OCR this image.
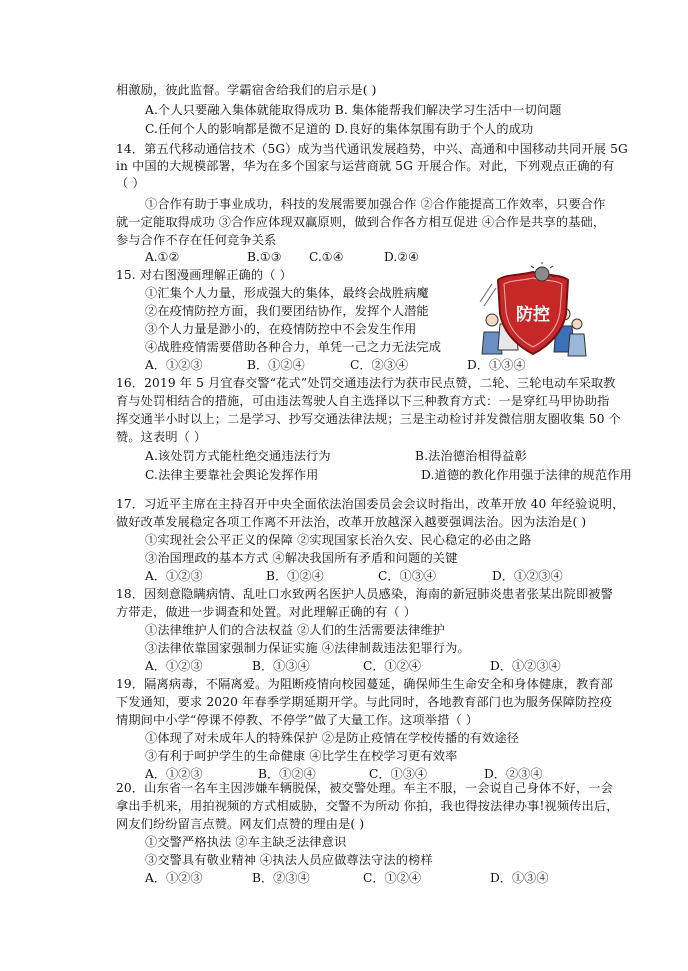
相激励，彼此监督。学霸宿舍给我们的启示是( )
A.个人只要融入集体就能取得成功 B. 集体能帮我们解决学习生活中一切问题
C.任何个人的影响都是微不足道的 D.良好的集体氛围有助于个人的成功
14．第五代移动通信技术（5G）成为当代通讯发展趋势，中兴、高通和中国移动共同开展 5G
in 中国的大规模部署，华为在多个国家与运营商就 5G 开展合作。对此，下列观点正确的有
（ ）
①合作有助于事业成功，科技的发展需要加强合作 ②合作能提高工作效率，只要合作
就一定能取得成功 ③合作应体现双赢原则，做到合作各方相互促进 ④合作是共享的基础，
参与合作不存在任何竞争关系
15. 对右图漫画理解正确的（ ）
①汇集个人力量，形成强大的集体，最终会战胜病魔
②在疫情防控方面，我们要团结协作，发挥个人潜能
③个人力量是渺小的，在疫情防控中不会发生作用
④战胜疫情需要借助各种合力，单凭一己之力无法完成
16．2019 年 5 月宜春交警“花式”处罚交通违法行为获市民点赞，二轮、三轮电动车采取教
育与处罚相结合的措施，可由违法驾驶人自主选择以下三种教育方式：一是穿红马甲协助指
挥交通半小时以上；二是学习、抄写交通法律法规；三是主动检讨并发微信朋友圈收集 50 个
赞。这表明（ ）
A.该处罚方式能杜绝交通违法行为	B.法治德治相得益彰
C.法律主要靠社会舆论发挥作用	D.道德的教化作用强于法律的规范作用
17．习近平主席在主持召开中央全面依法治国委员会会议时指出，改革开放 40 年经验说明，
做好改革发展稳定各项工作离不开法治，改革开放越深入越要强调法治。因为法治是( )
①实现社会公平正义的保障 ②实现国家长治久安、民心稳定的必由之路
③治国理政的基本方式 ④解决我国所有矛盾和问题的关键
18．因刻意隐瞒病情、乱吐口水致两名医护人员感染，海南的新冠肺炎患者张某出院即被警
方带走，做进一步调查和处置。对此理解正确的有（ ）
①法律维护人们的合法权益 ②人们的生活需要法律维护
③法律依靠国家强制力保证实施 ④法律制裁违法犯罪行为。
19．隔离病毒，不隔离爱。为阻断疫情向校园蔓延，确保师生生命安全和身体健康，教育部
下发通知，要求 2020 年春季学期延期开学。与此同时，各地教育部门也为服务保障防控疫
情期间中小学“停课不停教、不停学”做了大量工作。这项举措（ ）
①体现了对未成年人的特殊保护 ②是防止疫情在学校传播的有效途径
③有利于呵护学生的生命健康 ④比学生在校学习更有效率
20．山东省一名车主因涉嫌车辆脱保，被交警处理。车主不服，一会说自己身体不好，一会
拿出手机来，用拍视频的方式相威胁，交警不为所动 你拍，我也得按法律办事!视频传出后，
网友们纷纷留言点赞。网友们点赞的理由是( )
①交警严格执法 ②车主缺乏法律意识
③交警具有敬业精神 ④执法人员应做尊法守法的榜样
A.①②	B.①③ C.①④	D.②④
A．①②③	B．①②④	C．②③④	D．①③④
A．①②③	B．①②④	C．①③④	D．①②③④
A．①②③	B．①③④	C．①②④	D．①②③④
A．①②③	B．①②④	C．①③④	D．②③④
A．①②③	B．②③④	C．①②④	D．①③④
防控
